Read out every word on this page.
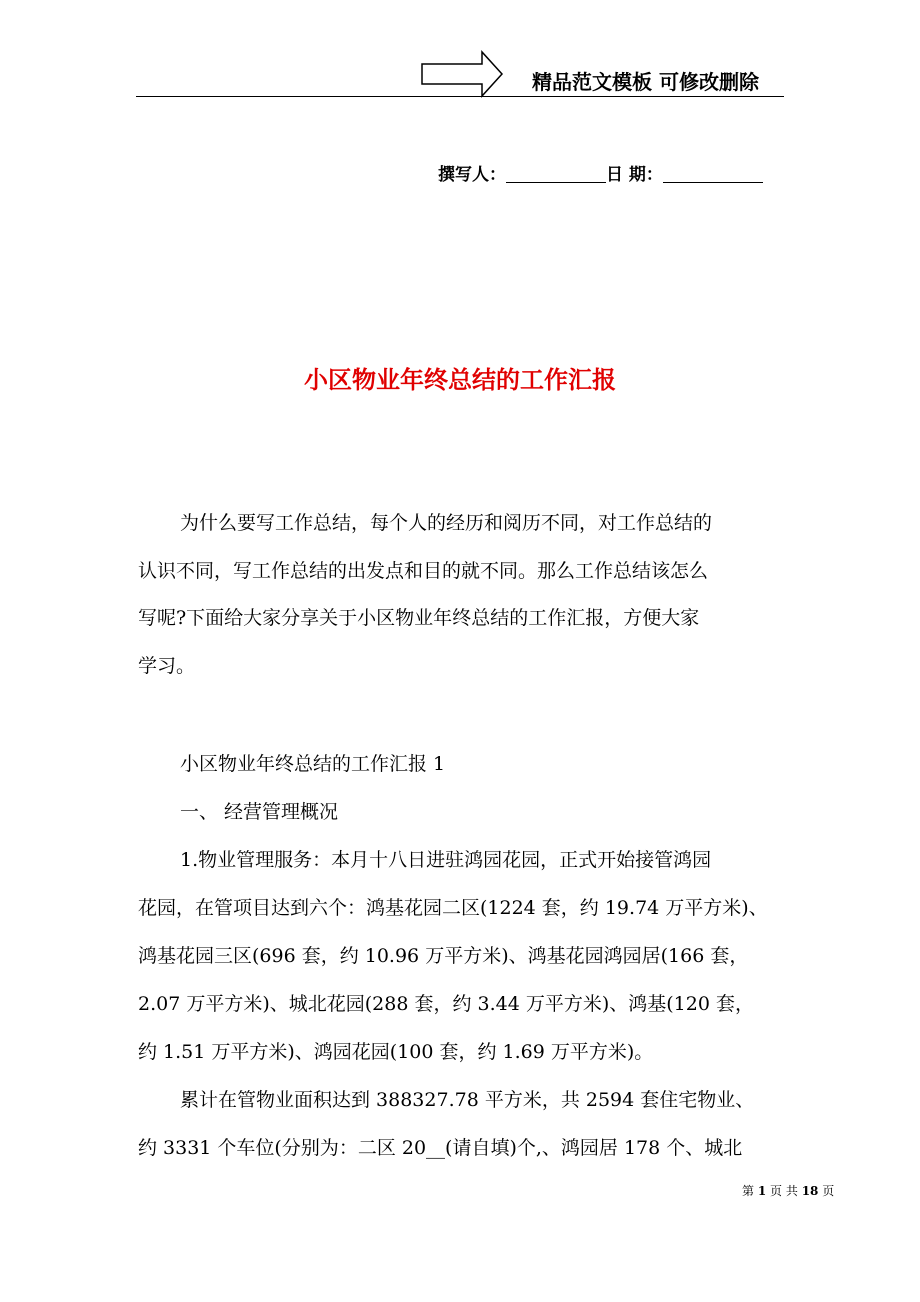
精品范文模板 可修改删除
撰写人：	日 期：
小区物业年终总结的工作汇报
为什么要写工作总结，每个人的经历和阅历不同，对工作总结的
认识不同，写工作总结的出发点和目的就不同。那么工作总结该怎么
写呢?下面给大家分享关于小区物业年终总结的工作汇报，方便大家
学习。
小区物业年终总结的工作汇报 1
一、 经营管理概况
1.物业管理服务：本月十八日进驻鸿园花园，正式开始接管鸿园
花园，在管项目达到六个：鸿基花园二区(1224 套，约 19.74 万平方米)、
鸿基花园三区(696 套，约 10.96 万平方米)、鸿基花园鸿园居(166 套，
2.07 万平方米)、城北花园(288 套，约 3.44 万平方米)、鸿基(120 套，
约 1.51 万平方米)、鸿园花园(100 套，约 1.69 万平方米)。
累计在管物业面积达到 388327.78 平方米，共 2594 套住宅物业、
约 3331 个车位(分别为：二区 20__(请自填)个,、鸿园居 178 个、城北
第 1 页 共 18 页
